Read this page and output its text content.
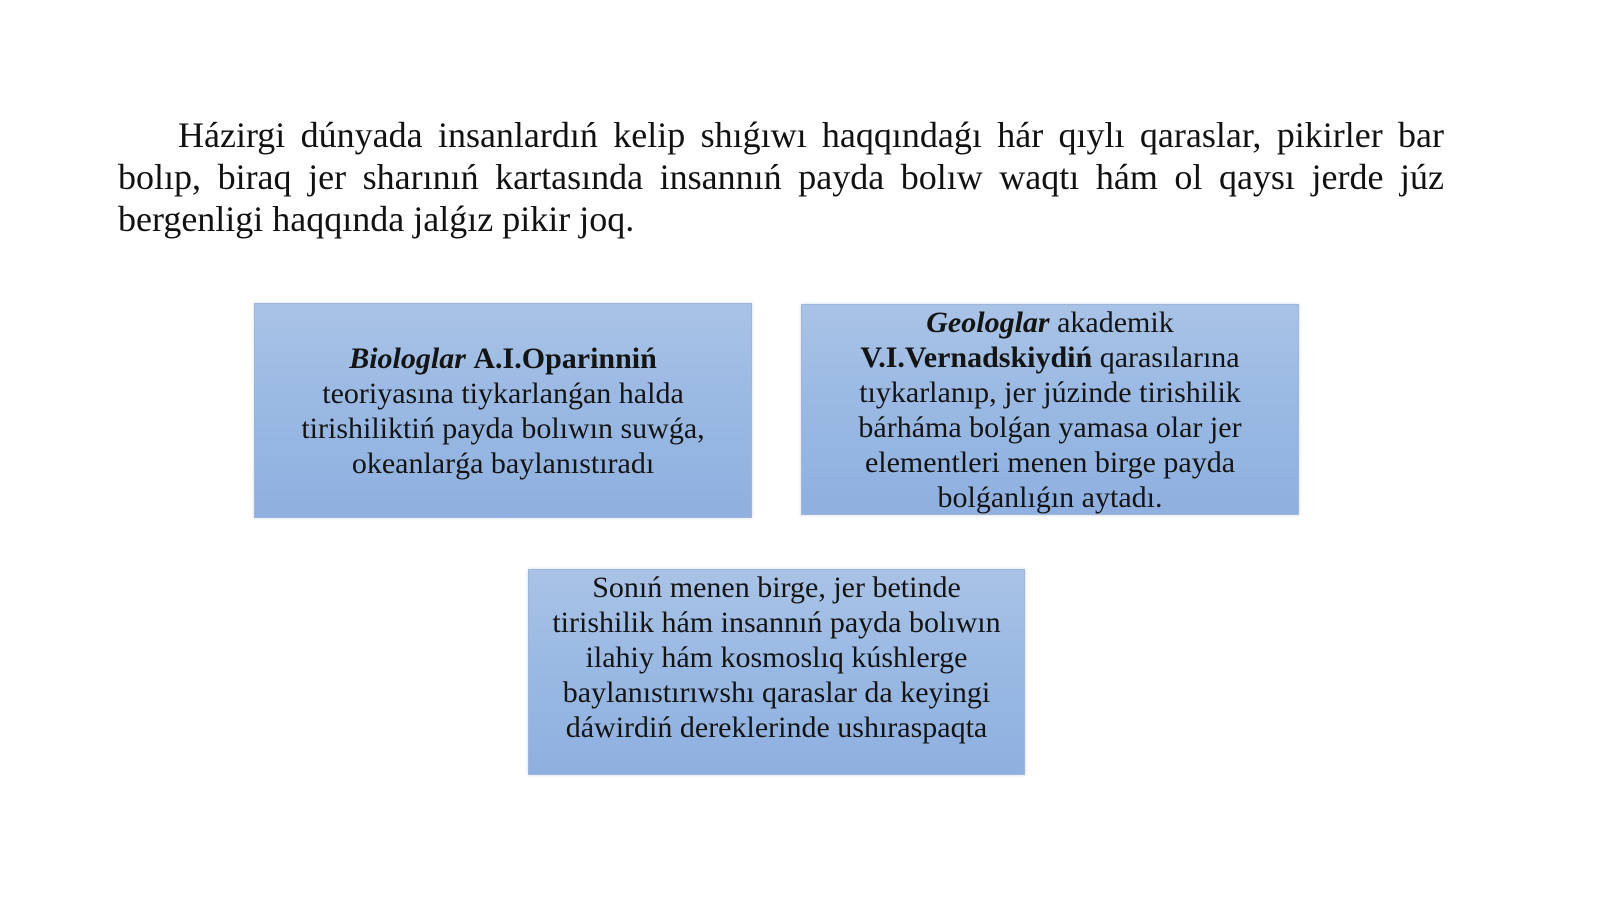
Házirgi dúnyada insanlardıń kelip shıǵıwı haqqındaǵı hár qıylı qaraslar, pikirler bar bolıp, biraq jer sharınıń kartasında insannıń payda bolıw waqtı hám ol qaysı jerde júz bergenligi haqqında jalǵız pikir joq.

Biologlar A.I.Oparinniń
teoriyasına tiykarlanǵan halda tirishiliktiń payda bolıwın suwǵa, okeanlarǵa baylanıstıradı

Geologlar akademik
V.I.Vernadskiydiń qarasılarına tıykarlanıp, jer júzinde tirishilik bárháma bolǵan yamasa olar jer elementleri menen birge payda bolǵanlıǵın aytadı.

Sonıń menen birge, jer betinde tirishilik hám insannıń payda bolıwın ilahiy hám kosmoslıq kúshlerge baylanıstırıwshı qaraslar da keyingi dáwirdiń dereklerinde ushıraspaqta
